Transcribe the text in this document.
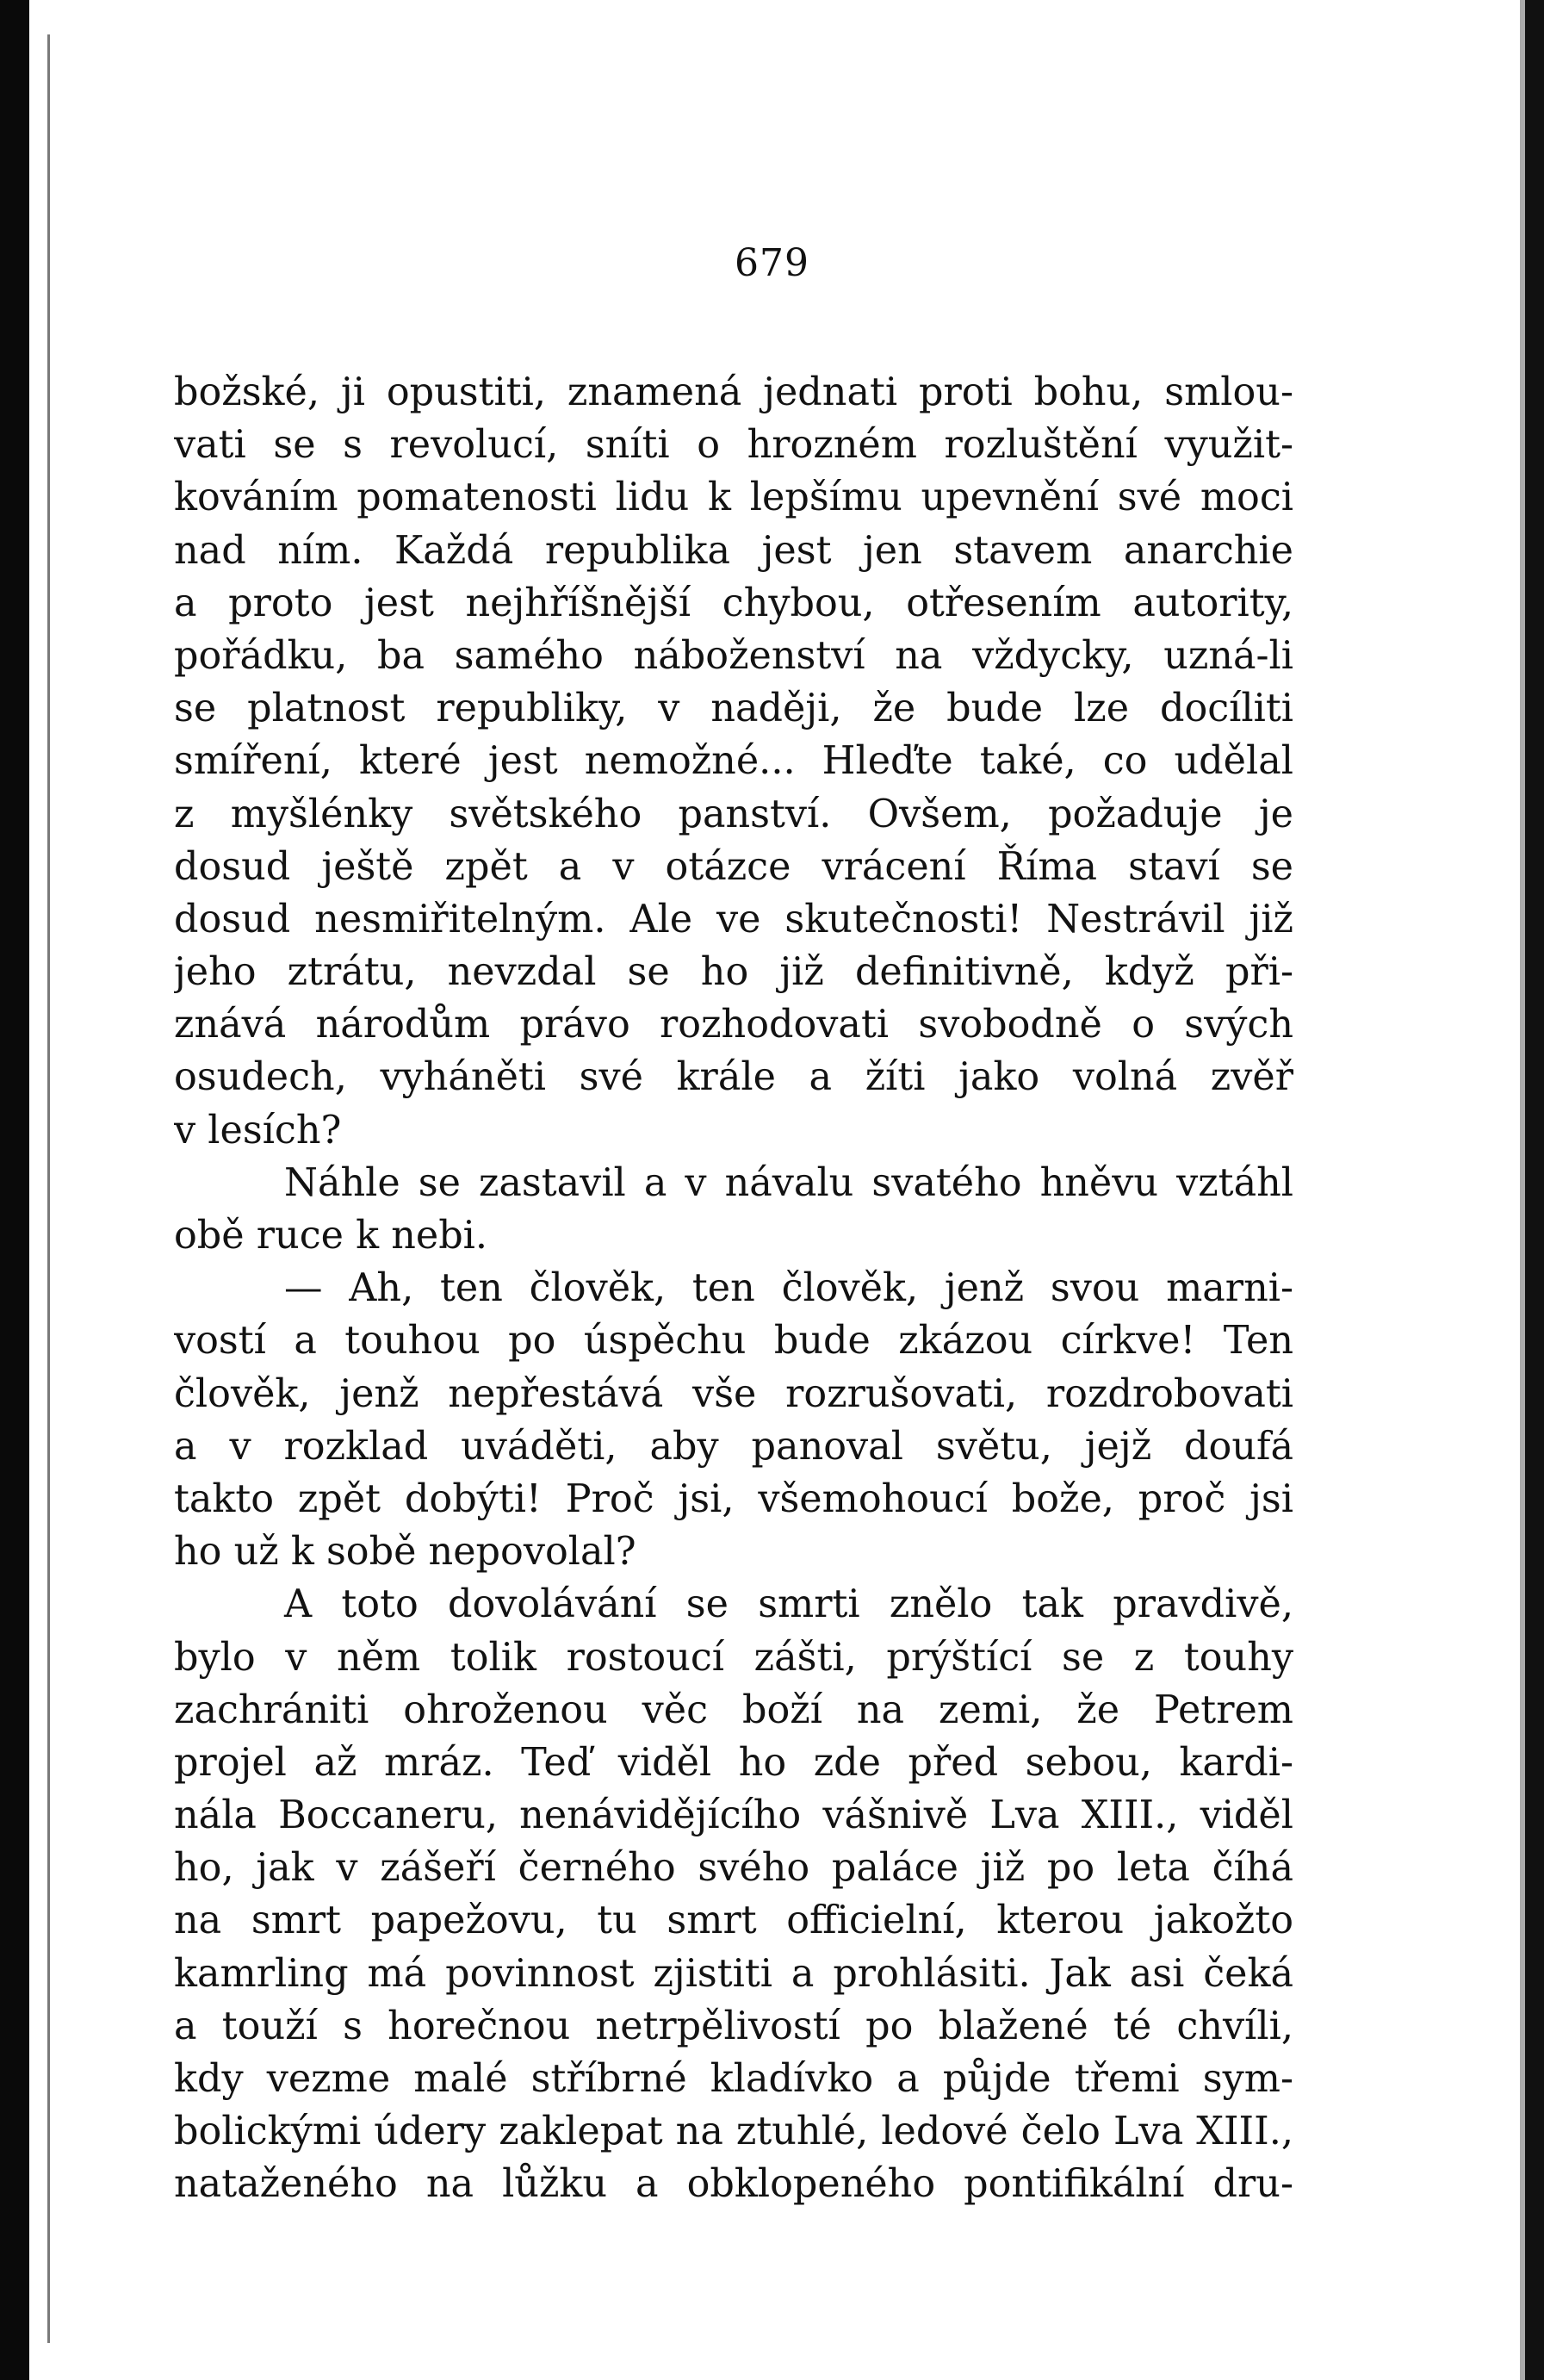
679
božské, ji opustiti, znamená jednati proti bohu, smlou-
vati se s revolucí, sníti o hrozném rozluštění využit-
kováním pomatenosti lidu k lepšímu upevnění své moci
nad ním. Každá republika jest jen stavem anarchie
a proto jest nejhříšnější chybou, otřesením autority,
pořádku, ba samého náboženství na vždycky, uzná-li
se platnost republiky, v naději, že bude lze docíliti
smíření, které jest nemožné... Hleďte také, co udělal
z myšlénky světského panství. Ovšem, požaduje je
dosud ještě zpět a v otázce vrácení Říma staví se
dosud nesmiřitelným. Ale ve skutečnosti! Nestrávil již
jeho ztrátu, nevzdal se ho již definitivně, když při-
znává národům právo rozhodovati svobodně o svých
osudech, vyháněti své krále a žíti jako volná zvěř
v lesích?
Náhle se zastavil a v návalu svatého hněvu vztáhl
obě ruce k nebi.
— Ah, ten člověk, ten člověk, jenž svou marni-
vostí a touhou po úspěchu bude zkázou církve! Ten
člověk, jenž nepřestává vše rozrušovati, rozdrobovati
a v rozklad uváděti, aby panoval světu, jejž doufá
takto zpět dobýti! Proč jsi, všemohoucí bože, proč jsi
ho už k sobě nepovolal?
A toto dovolávání se smrti znělo tak pravdivě,
bylo v něm tolik rostoucí zášti, prýštící se z touhy
zachrániti ohroženou věc boží na zemi, že Petrem
projel až mráz. Teď viděl ho zde před sebou, kardi-
nála Boccaneru, nenávidějícího vášnivě Lva XIII., viděl
ho, jak v zášeří černého svého paláce již po leta číhá
na smrt papežovu, tu smrt officielní, kterou jakožto
kamrling má povinnost zjistiti a prohlásiti. Jak asi čeká
a touží s horečnou netrpělivostí po blažené té chvíli,
kdy vezme malé stříbrné kladívko a půjde třemi sym-
bolickými údery zaklepat na ztuhlé, ledové čelo Lva XIII.,
nataženého na lůžku a obklopeného pontifikální dru-
